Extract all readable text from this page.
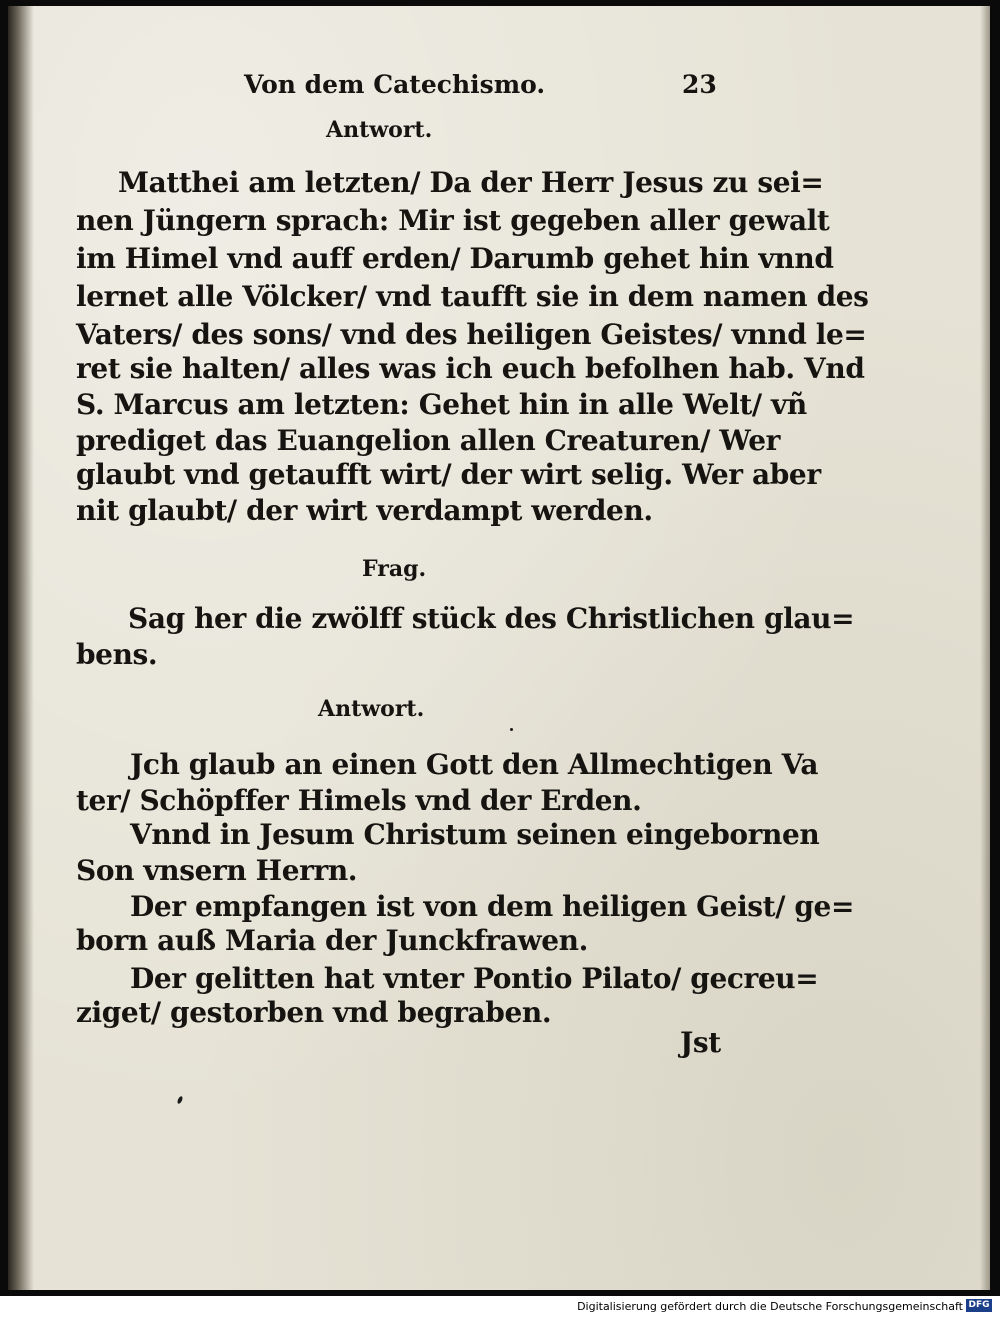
Von dem Catechismo.	23
Antwort.
Matthei am letzten/ Da der Herr Jesus zu sei=
nen Jüngern sprach: Mir ist gegeben aller gewalt
im Himel vnd auff erden/ Darumb gehet hin vnnd
lernet alle Völcker/ vnd taufft sie in dem namen des
Vaters/ des sons/ vnd des heiligen Geistes/ vnnd le=
ret sie halten/ alles was ich euch befolhen hab. Vnd
S. Marcus am letzten: Gehet hin in alle Welt/ vñ
prediget das Euangelion allen Creaturen/ Wer
glaubt vnd getaufft wirt/ der wirt selig. Wer aber
nit glaubt/ der wirt verdampt werden.
Frag.
Sag her die zwölff stück des Christlichen glau=
bens.
Antwort.
Jch glaub an einen Gott den Allmechtigen Va
ter/ Schöpffer Himels vnd der Erden.
Vnnd in Jesum Christum seinen eingebornen
Son vnsern Herrn.
Der empfangen ist von dem heiligen Geist/ ge=
born auß Maria der Junckfrawen.
Der gelitten hat vnter Pontio Pilato/ gecreu=
ziget/ gestorben vnd begraben.
Jst
Digitalisierung gefördert durch die Deutsche Forschungsgemeinschaft DFG
